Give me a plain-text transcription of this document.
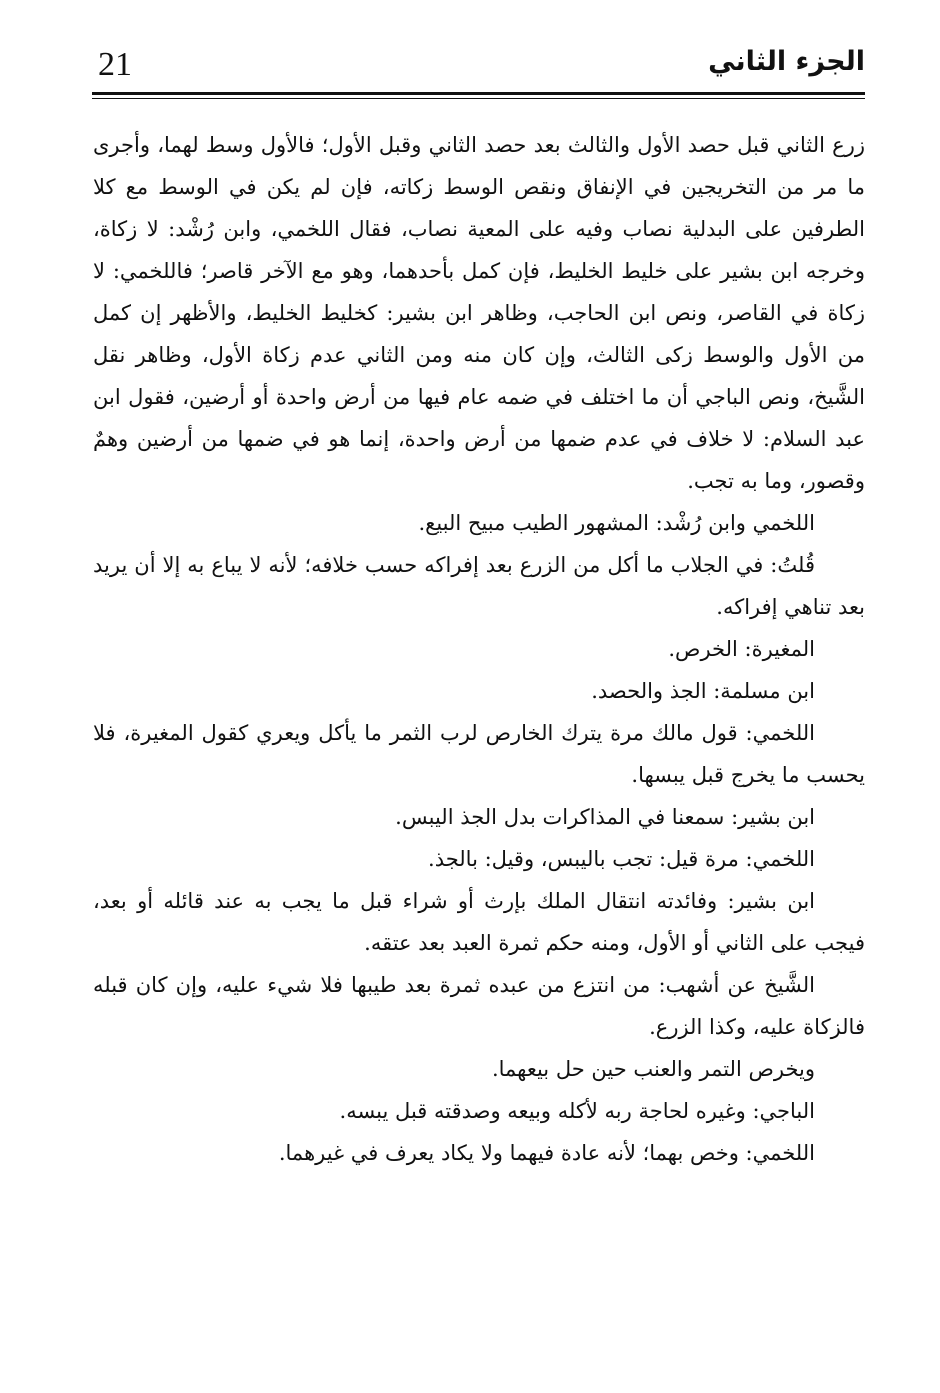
21	الجزء الثاني

زرع الثاني قبل حصد الأول والثالث بعد حصد الثاني وقبل الأول؛ فالأول وسط لهما، وأجرى ما مر من التخريجين في الإنفاق ونقص الوسط زكاته، فإن لم يكن في الوسط مع كلا الطرفين على البدلية نصاب وفيه على المعية نصاب، فقال اللخمي، وابن رُشْد: لا زكاة، وخرجه ابن بشير على خليط الخليط، فإن كمل بأحدهما، وهو مع الآخر قاصر؛ فاللخمي: لا زكاة في القاصر، ونص ابن الحاجب، وظاهر ابن بشير: كخليط الخليط، والأظهر إن كمل من الأول والوسط زكى الثالث، وإن كان منه ومن الثاني عدم زكاة الأول، وظاهر نقل الشَّيخ، ونص الباجي أن ما اختلف في ضمه عام فيها من أرض واحدة أو أرضين، فقول ابن عبد السلام: لا خلاف في عدم ضمها من أرض واحدة، إنما هو في ضمها من أرضين وهمٌ وقصور، وما به تجب.

اللخمي وابن رُشْد: المشهور الطيب مبيح البيع.

قُلتُ: في الجلاب ما أكل من الزرع بعد إفراكه حسب خلافه؛ لأنه لا يباع به إلا أن يريد بعد تناهي إفراكه.

المغيرة: الخرص.

ابن مسلمة: الجذ والحصد.

اللخمي: قول مالك مرة يترك الخارص لرب الثمر ما يأكل ويعري كقول المغيرة، فلا يحسب ما يخرج قبل يبسها.

ابن بشير: سمعنا في المذاكرات بدل الجذ اليبس.

اللخمي: مرة قيل: تجب باليبس، وقيل: بالجذ.

ابن بشير: وفائدته انتقال الملك بإرث أو شراء قبل ما يجب به عند قائله أو بعد، فيجب على الثاني أو الأول، ومنه حكم ثمرة العبد بعد عتقه.

الشَّيخ عن أشهب: من انتزع من عبده ثمرة بعد طيبها فلا شيء عليه، وإن كان قبله فالزكاة عليه، وكذا الزرع.

ويخرص التمر والعنب حين حل بيعهما.

الباجي: وغيره لحاجة ربه لأكله وبيعه وصدقته قبل يبسه.

اللخمي: وخص بهما؛ لأنه عادة فيهما ولا يكاد يعرف في غيرهما.
